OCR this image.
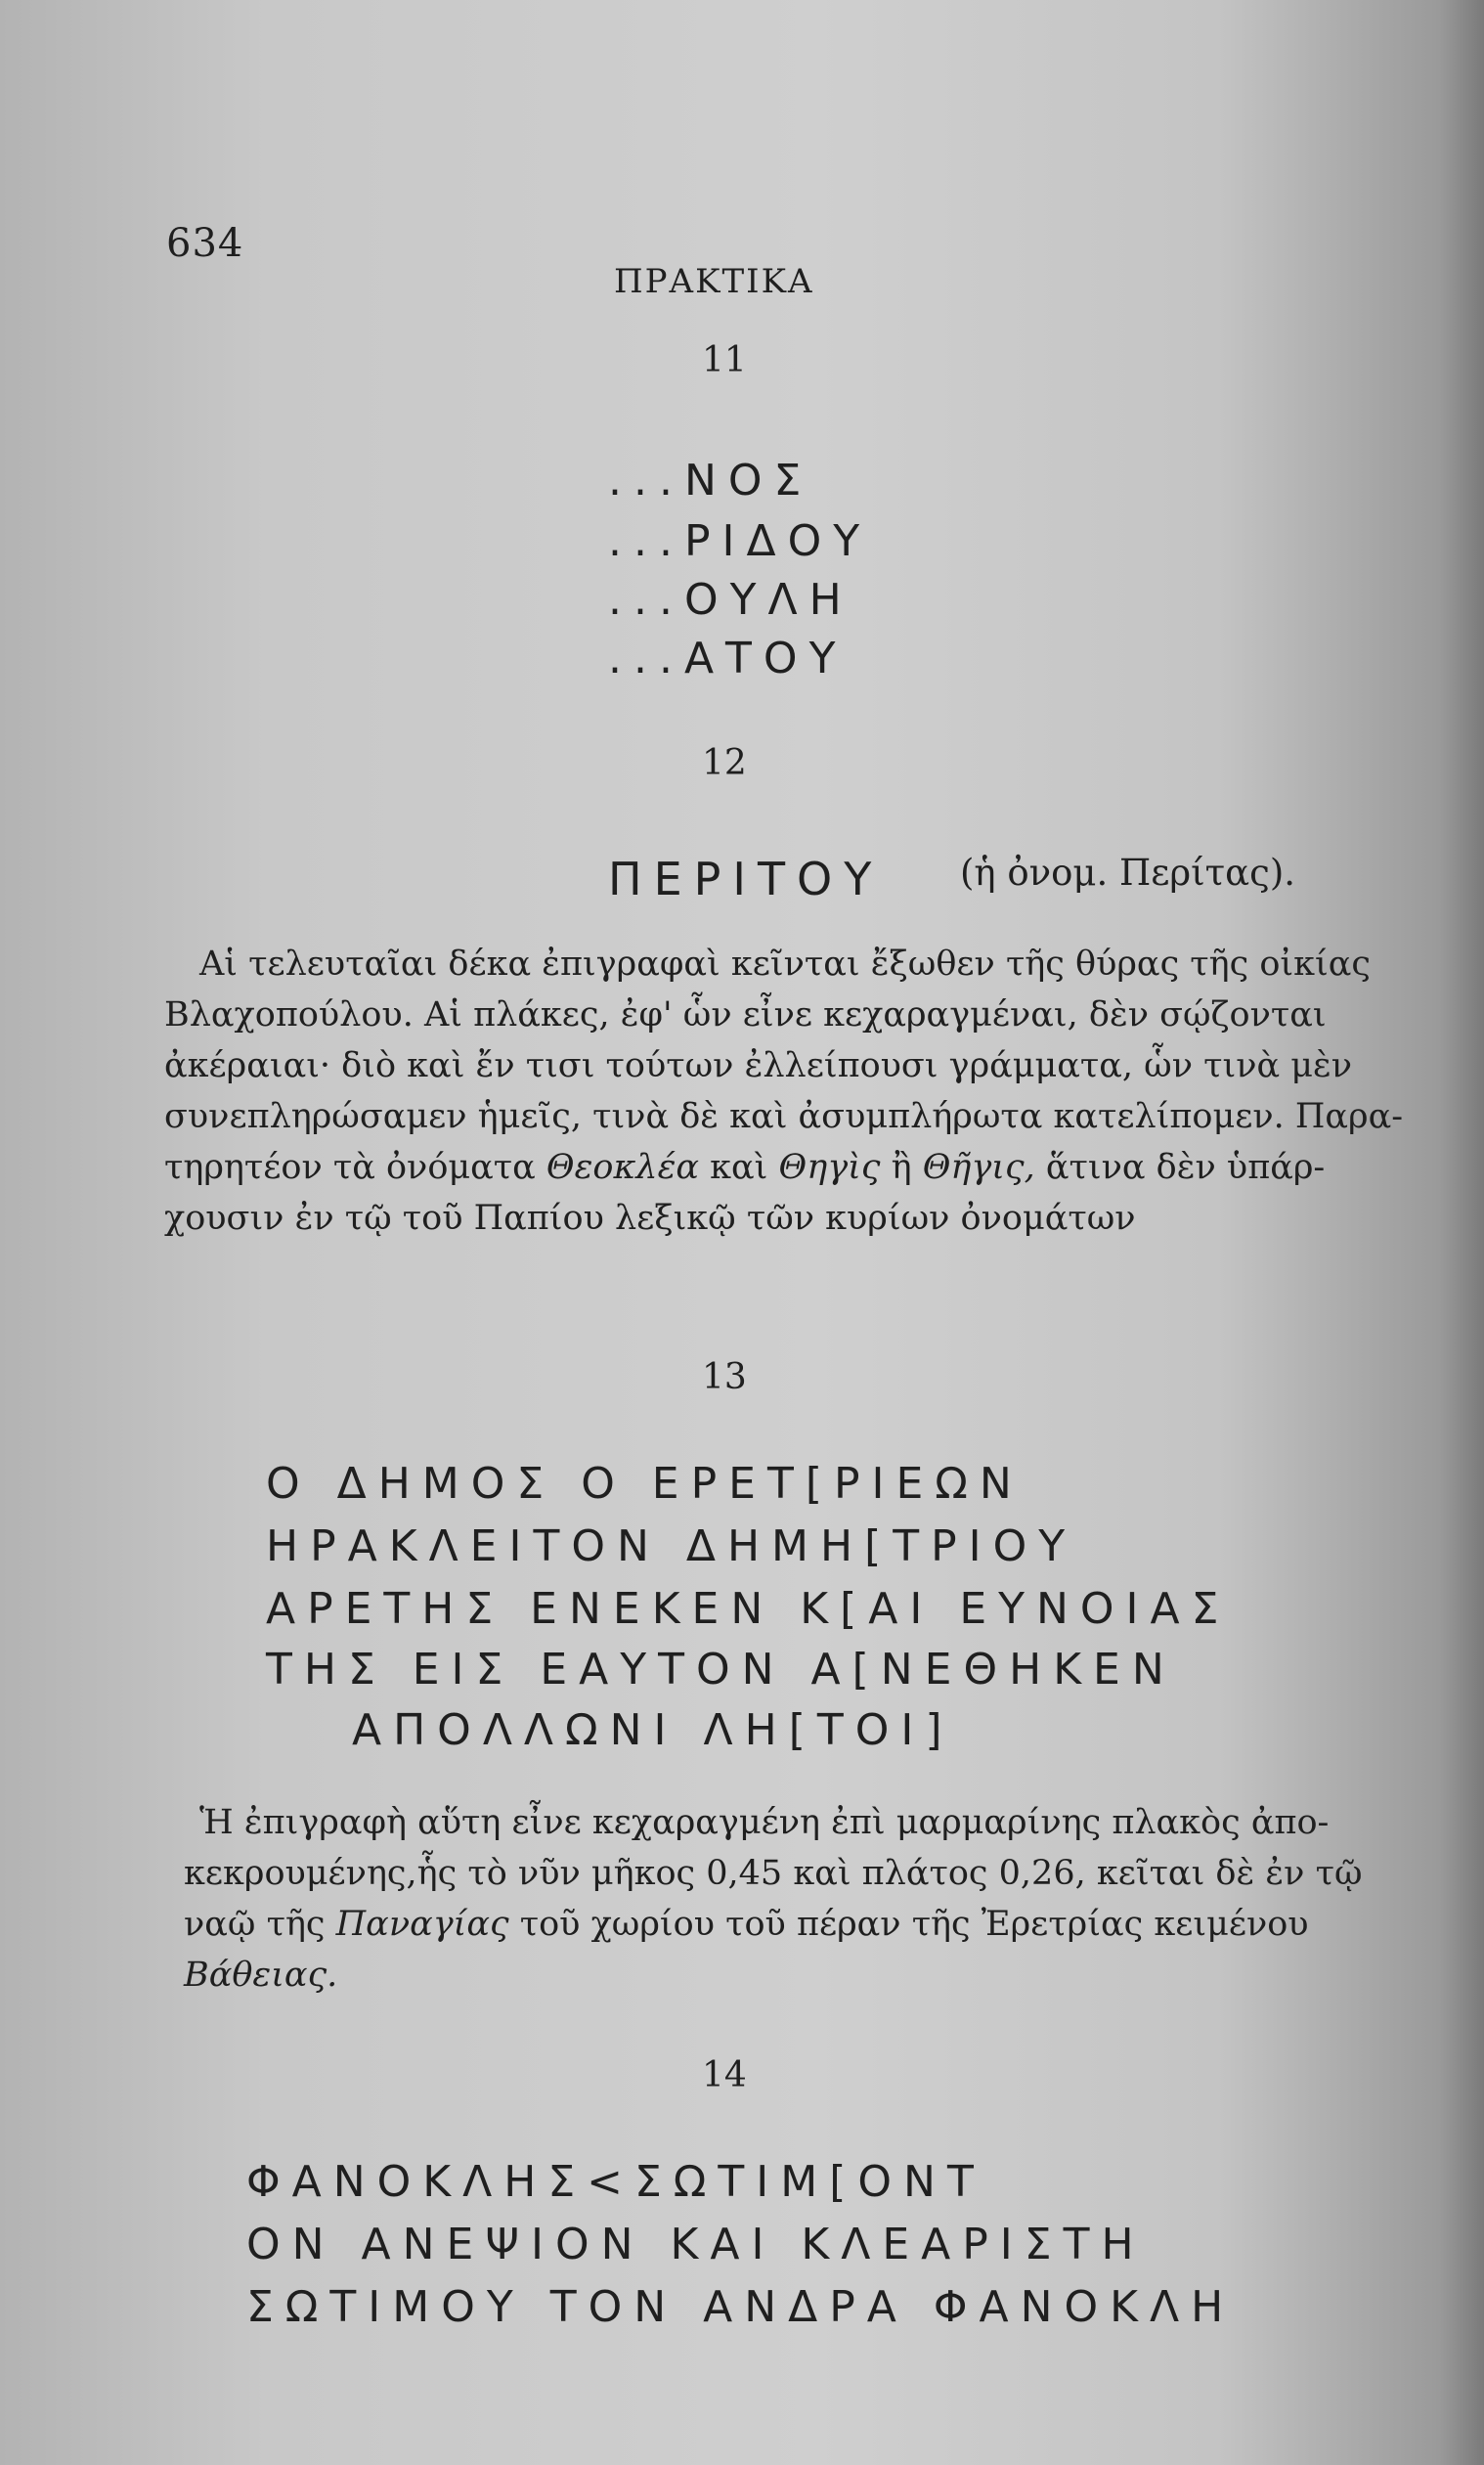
634
ΠΡΑΚΤΙΚΑ
11
...ΝΟΣ
...ΡΙΔΟΥ
...ΟΥΛΗ
...ΑΤΟΥ
12
ΠΕΡΙΤΟΥ (ἡ ὀνομ. Περίτας).
Αἱ τελευταῖαι δέκα ἐπιγραφαὶ κεῖνται ἔξωθεν τῆς θύρας τῆς οἰκίας
Βλαχοπούλου. Αἱ πλάκες, ἐφ' ὧν εἶνε κεχαραγμέναι, δὲν σῴζονται
ἀκέραιαι· διὸ καὶ ἔν τισι τούτων ἐλλείπουσι γράμματα, ὧν τινὰ μὲν
συνεπληρώσαμεν ἡμεῖς, τινὰ δὲ καὶ ἀσυμπλήρωτα κατελίπομεν. Παρα-
τηρητέον τὰ ὀνόματα Θεοκλέα καὶ Θηγὶς ἢ Θῆγις, ἅτινα δὲν ὑπάρ-
χουσιν ἐν τῷ τοῦ Παπίου λεξικῷ τῶν κυρίων ὀνομάτων
13
Ο ΔΗΜΟΣ Ο ΕΡΕΤ[ΡΙΕΩΝ
ΗΡΑΚΛΕΙΤΟΝ ΔΗΜΗ[ΤΡΙΟΥ
ΑΡΕΤΗΣ ΕΝΕΚΕΝ Κ[ΑΙ ΕΥΝΟΙΑΣ
ΤΗΣ ΕΙΣ ΕΑΥΤΟΝ Α[ΝΕΘΗΚΕΝ
ΑΠΟΛΛΩΝΙ ΛΗ[ΤΟΙ]
Ἡ ἐπιγραφὴ αὕτη εἶνε κεχαραγμένη ἐπὶ μαρμαρίνης πλακὸς ἀπο-
κεκρουμένης,ἧς τὸ νῦν μῆκος 0,45 καὶ πλάτος 0,26, κεῖται δὲ ἐν τῷ
ναῷ τῆς Παναγίας τοῦ χωρίου τοῦ πέραν τῆς Ἐρετρίας κειμένου
Βάθειας.
14
ΦΑΝΟΚΛΗΣ<ΣΩΤΙΜ[ΟΝΤ
ΟΝ ΑΝΕΨΙΟΝ ΚΑΙ ΚΛΕΑΡΙΣΤΗ
ΣΩΤΙΜΟΥ ΤΟΝ ΑΝΔΡΑ ΦΑΝΟΚΛΗ
